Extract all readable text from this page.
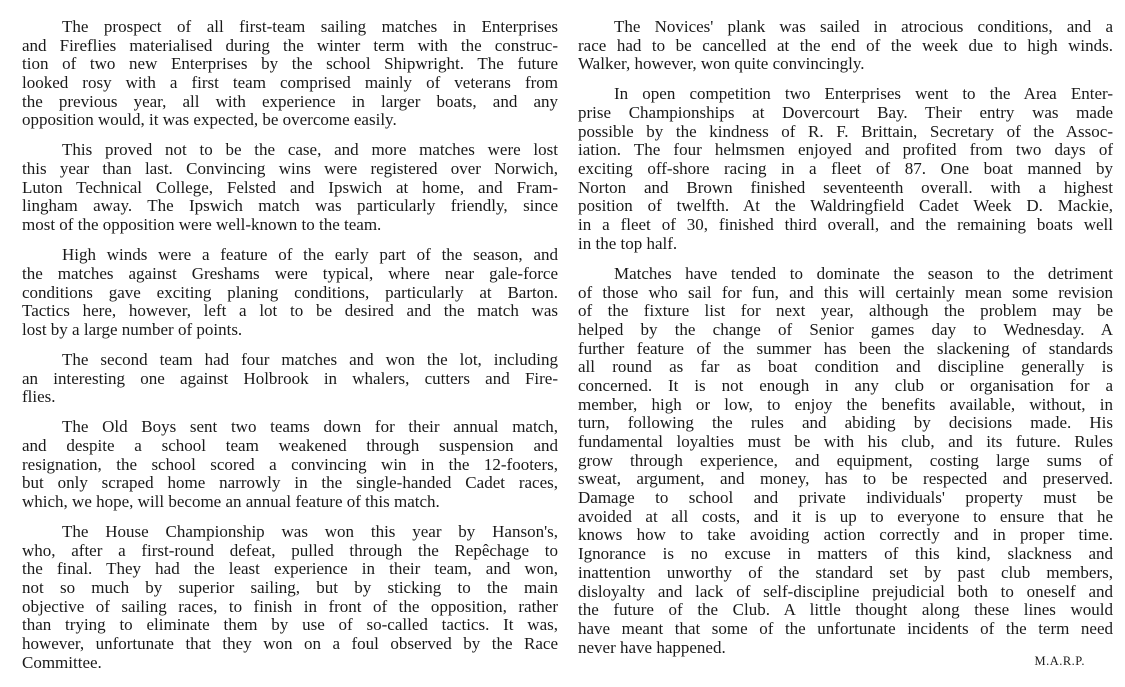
The prospect of all first-team sailing matches in Enterprises
and Fireflies materialised during the winter term with the construc-
tion of two new Enterprises by the school Shipwright. The future
looked rosy with a first team comprised mainly of veterans from
the previous year, all with experience in larger boats, and any
opposition would, it was expected, be overcome easily.
This proved not to be the case, and more matches were lost
this year than last. Convincing wins were registered over Norwich,
Luton Technical College, Felsted and Ipswich at home, and Fram-
lingham away. The Ipswich match was particularly friendly, since
most of the opposition were well-known to the team.
High winds were a feature of the early part of the season, and
the matches against Greshams were typical, where near gale-force
conditions gave exciting planing conditions, particularly at Barton.
Tactics here, however, left a lot to be desired and the match was
lost by a large number of points.
The second team had four matches and won the lot, including
an interesting one against Holbrook in whalers, cutters and Fire-
flies.
The Old Boys sent two teams down for their annual match,
and despite a school team weakened through suspension and
resignation, the school scored a convincing win in the 12-footers,
but only scraped home narrowly in the single-handed Cadet races,
which, we hope, will become an annual feature of this match.
The House Championship was won this year by Hanson's,
who, after a first-round defeat, pulled through the Repêchage to
the final. They had the least experience in their team, and won,
not so much by superior sailing, but by sticking to the main
objective of sailing races, to finish in front of the opposition, rather
than trying to eliminate them by use of so-called tactics. It was,
however, unfortunate that they won on a foul observed by the Race
Committee.
The Novices' plank was sailed in atrocious conditions, and a
race had to be cancelled at the end of the week due to high winds.
Walker, however, won quite convincingly.
In open competition two Enterprises went to the Area Enter-
prise Championships at Dovercourt Bay. Their entry was made
possible by the kindness of R. F. Brittain, Secretary of the Assoc-
iation. The four helmsmen enjoyed and profited from two days of
exciting off-shore racing in a fleet of 87. One boat manned by
Norton and Brown finished seventeenth overall. with a highest
position of twelfth. At the Waldringfield Cadet Week D. Mackie,
in a fleet of 30, finished third overall, and the remaining boats well
in the top half.
Matches have tended to dominate the season to the detriment
of those who sail for fun, and this will certainly mean some revision
of the fixture list for next year, although the problem may be
helped by the change of Senior games day to Wednesday. A
further feature of the summer has been the slackening of standards
all round as far as boat condition and discipline generally is
concerned. It is not enough in any club or organisation for a
member, high or low, to enjoy the benefits available, without, in
turn, following the rules and abiding by decisions made. His
fundamental loyalties must be with his club, and its future. Rules
grow through experience, and equipment, costing large sums of
sweat, argument, and money, has to be respected and preserved.
Damage to school and private individuals' property must be
avoided at all costs, and it is up to everyone to ensure that he
knows how to take avoiding action correctly and in proper time.
Ignorance is no excuse in matters of this kind, slackness and
inattention unworthy of the standard set by past club members,
disloyalty and lack of self-discipline prejudicial both to oneself and
the future of the Club. A little thought along these lines would
have meant that some of the unfortunate incidents of the term need
never have happened.
M.A.R.P.
